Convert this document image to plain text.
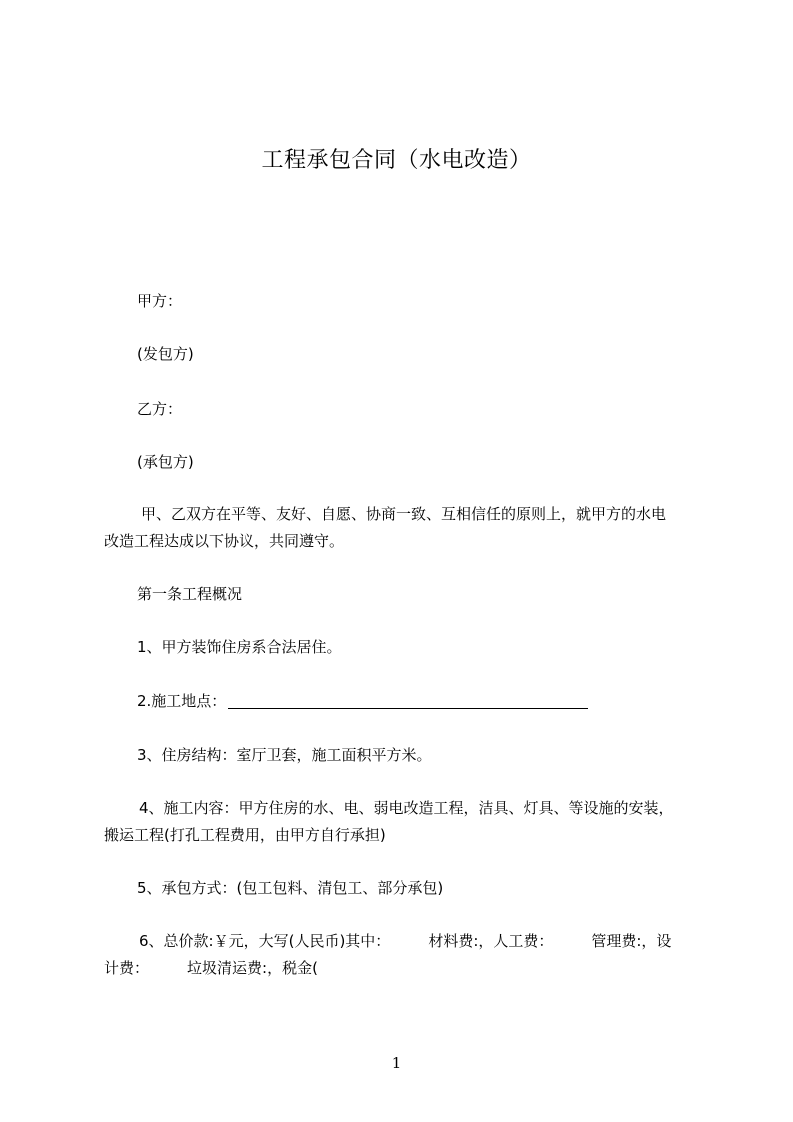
工程承包合同（水电改造）
甲方：
(发包方)
乙方：
(承包方)
甲、乙双方在平等、友好、自愿、协商一致、互相信任的原则上，就甲方的水电
改造工程达成以下协议，共同遵守。
第一条工程概况
1、甲方装饰住房系合法居住。
2.施工地点：
3、住房结构：室厅卫套，施工面积平方米。
4、施工内容：甲方住房的水、电、弱电改造工程，洁具、灯具、等设施的安装，
搬运工程(打孔工程费用，由甲方自行承担)
5、承包方式：(包工包料、清包工、部分承包)
6、总价款:￥元，大写(人民币)其中：	材料费:，人工费：	管理费:，设
计费：	垃圾清运费:，税金(
1
